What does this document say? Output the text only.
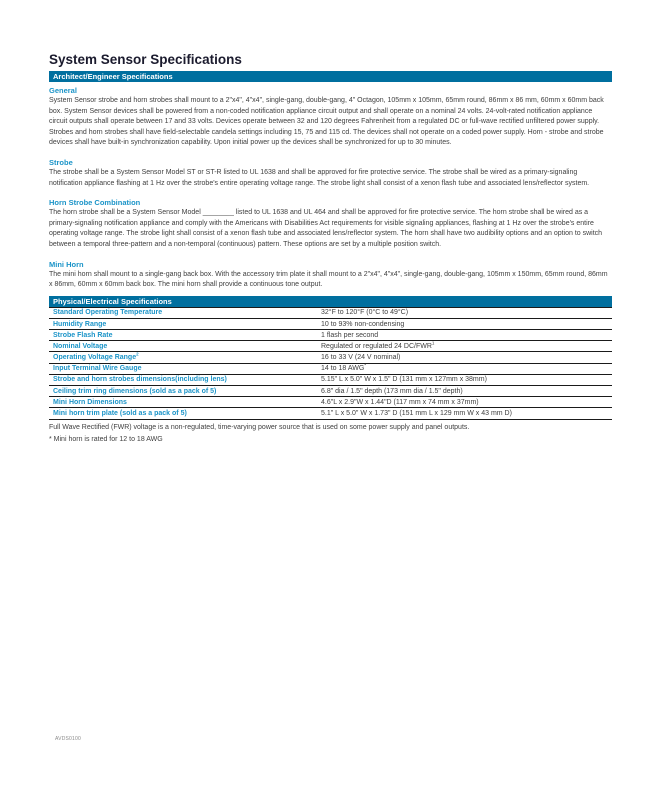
System Sensor Specifications
Architect/Engineer Specifications
General

System Sensor strobe and horn strobes shall mount to a 2"x4", 4"x4", single-gang, double-gang, 4" Octagon, 105mm x 105mm, 65mm round, 86mm x 86 mm, 60mm x 60mm back box. System Sensor devices shall be powered from a non-coded notification appliance circuit output and shall operate on a nominal 24 volts. 24-volt-rated notification appliance circuit outputs shall operate between 17 and 33 volts. Devices operate between 32 and 120 degrees Fahrenheit from a regulated DC or full-wave rectified unfiltered power supply. Strobes and horn strobes shall have field-selectable candela settings including 15, 75 and 115 cd. The devices shall not operate on a coded power supply. Horn - strobe and strobe devices shall have built-in synchronization capability. Upon initial power up the devices shall be synchronized for up to 30 minutes.

Strobe

The strobe shall be a System Sensor Model ST or ST-R listed to UL 1638 and shall be approved for fire protective service. The strobe shall be wired as a primary-signaling notification appliance flashing at 1 Hz over the strobe's entire operating voltage range. The strobe light shall consist of a xenon flash tube and associated lens/reflector system.

Horn Strobe Combination

The horn strobe shall be a System Sensor Model ________ listed to UL 1638 and UL 464 and shall be approved for fire protective service. The horn strobe shall be wired as a primary-signaling notification appliance and comply with the Americans with Disabilities Act requirements for visible signaling appliances, flashing at 1 Hz over the strobe's entire operating voltage range. The strobe light shall consist of a xenon flash tube and associated lens/reflector system. The horn shall have two audibility options and an option to switch between a temporal three-pattern and a non-temporal (continuous) pattern. These options are set by a multiple position switch.

Mini Horn

The mini horn shall mount to a single-gang back box. With the accessory trim plate it shall mount to a 2"x4", 4"x4", single-gang, double-gang, 105mm x 150mm, 65mm round, 86mm x 86mm, 60mm x 60mm back box. The mini horn shall provide a continuous tone output.

Physical/Electrical Specifications
Standard Operating Temperature	32°F to 120°F (0°C to 49°C)
Humidity Range	10 to 93% non-condensing
Strobe Flash Rate	1 flash per second
Nominal Voltage	Regulated or regulated 24 DC/FWR$^1$
Operating Voltage Range$^2$	16 to 33 V (24 V nominal)
Input Terminal Wire Gauge	14 to 18 AWG*
Strobe and horn strobes dimensions(including lens)	5.15" L x 5.0" W x 1.5" D (131 mm x 127mm x 38mm)
Ceiling trim ring dimensions (sold as a pack of 5)	6.8" dia / 1.5" depth (173 mm dia / 1.5" depth)
Mini Horn Dimensions	4.6"L x 2.9"W x 1.44"D (117 mm x 74 mm x 37mm)
Mini horn trim plate (sold as a pack of 5)	5.1" L x 5.0" W x 1.73" D (151 mm L x 129 mm W x 43 mm D)

Full Wave Rectified (FWR) voltage is a non-regulated, time-varying power source that is used on some power supply and panel outputs.

* Mini horn is rated for 12 to 18 AWG

AVDS0100
